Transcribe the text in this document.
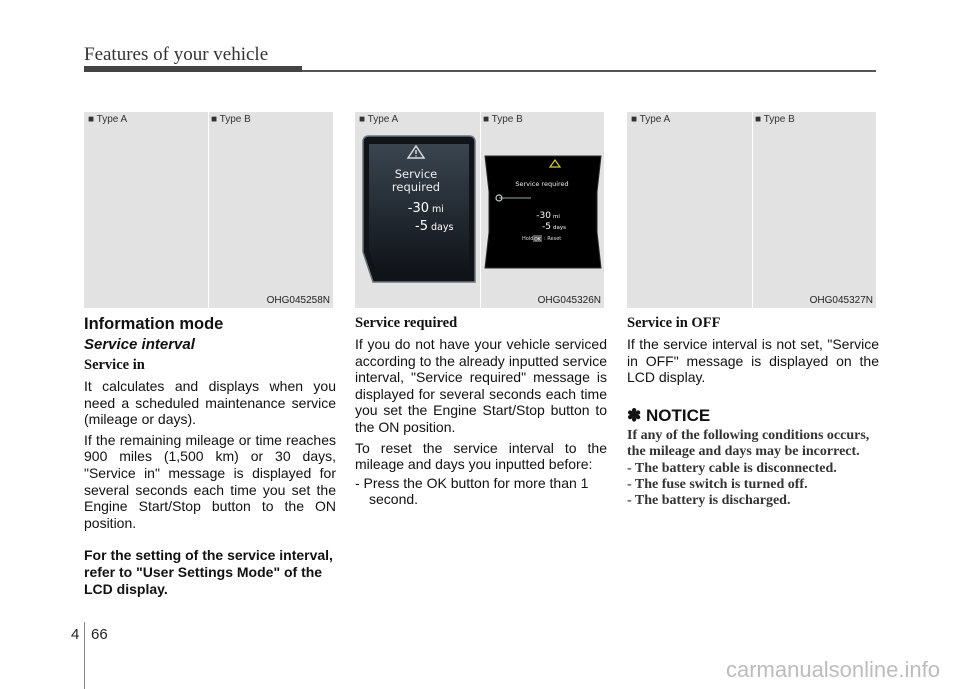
Features of your vehicle
■ Type A	■ Type B
OHG045258N
■ Type A	■ Type B
Service
required
-30 mi
-5 days
Service required
-30 mi
-5 days
Hold OK : Reset
OHG045326N
■ Type A	■ Type B
OHG045327N

Information mode

Service interval

Service in

It calculates and displays when you need a scheduled maintenance service (mileage or days).

If the remaining mileage or time reaches 900 miles (1,500 km) or 30 days, "Service in" message is displayed for several seconds each time you set the Engine Start/Stop button to the ON position.

For the setting of the service interval, refer to "User Settings Mode" of the LCD display.

Service required

If you do not have your vehicle serviced according to the already inputted service interval, "Service required" message is displayed for several seconds each time you set the Engine Start/Stop button to the ON position.

To reset the service interval to the mileage and days you inputted before:

- Press the OK button for more than 1 second.

Service in OFF

If the service interval is not set, "Service in OFF" message is displayed on the LCD display.

✽ NOTICE

If any of the following conditions occurs, the mileage and days may be incorrect.

- The battery cable is disconnected.

- The fuse switch is turned off.

- The battery is discharged.

4 66
carmanualsonline.info
